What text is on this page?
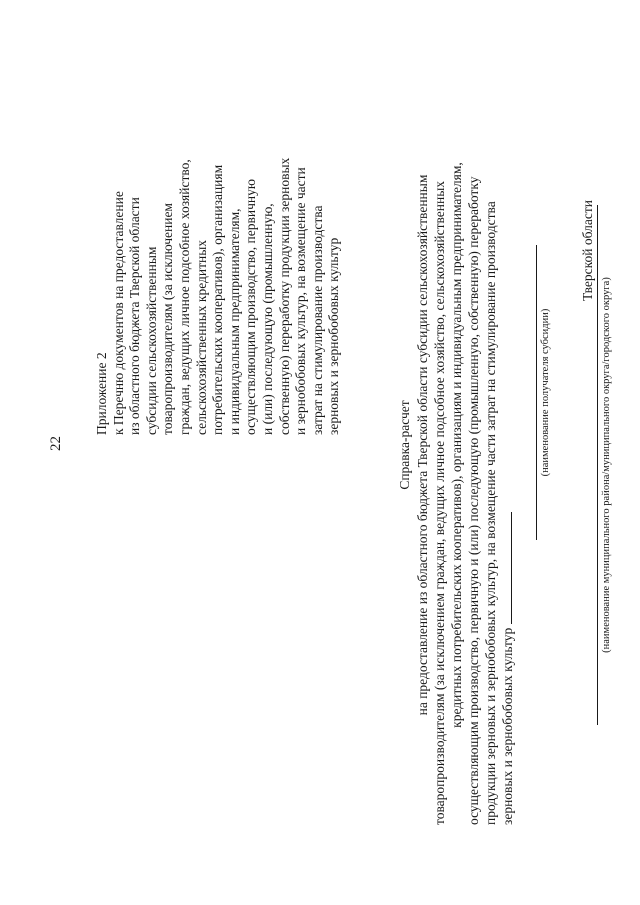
22
Приложение 2 к Перечню документов на предоставление из областного бюджета Тверской области субсидии сельскохозяйственным товаропроизводителям (за исключением граждан, ведущих личное подсобное хозяйство, сельскохозяйственных кредитных потребительских кооперативов), организациям и индивидуальным предпринимателям, осуществляющим производство, первичную и (или) последующую (промышленную, собственную) переработку продукции зерновых и зернобобовых культур, на возмещение части затрат на стимулирование производства зерновых и зернобобовых культур
Справка-расчет на предоставление из областного бюджета Тверской области субсидии сельскохозяйственным товаропроизводителям (за исключением граждан, ведущих личное подсобное хозяйство, сельскохозяйственных кредитных потребительских кооперативов), организациям и индивидуальным предпринимателям, осуществляющим производство, первичную и (или) последующую (промышленную, собственную) переработку продукции зерновых и зернобобовых культур, на возмещение части затрат на стимулирование производства зерновых и зернобобовых культур
(наименование получателя субсидии)
Тверской области
(наименование муниципального района/муниципального округа/городского округа)
